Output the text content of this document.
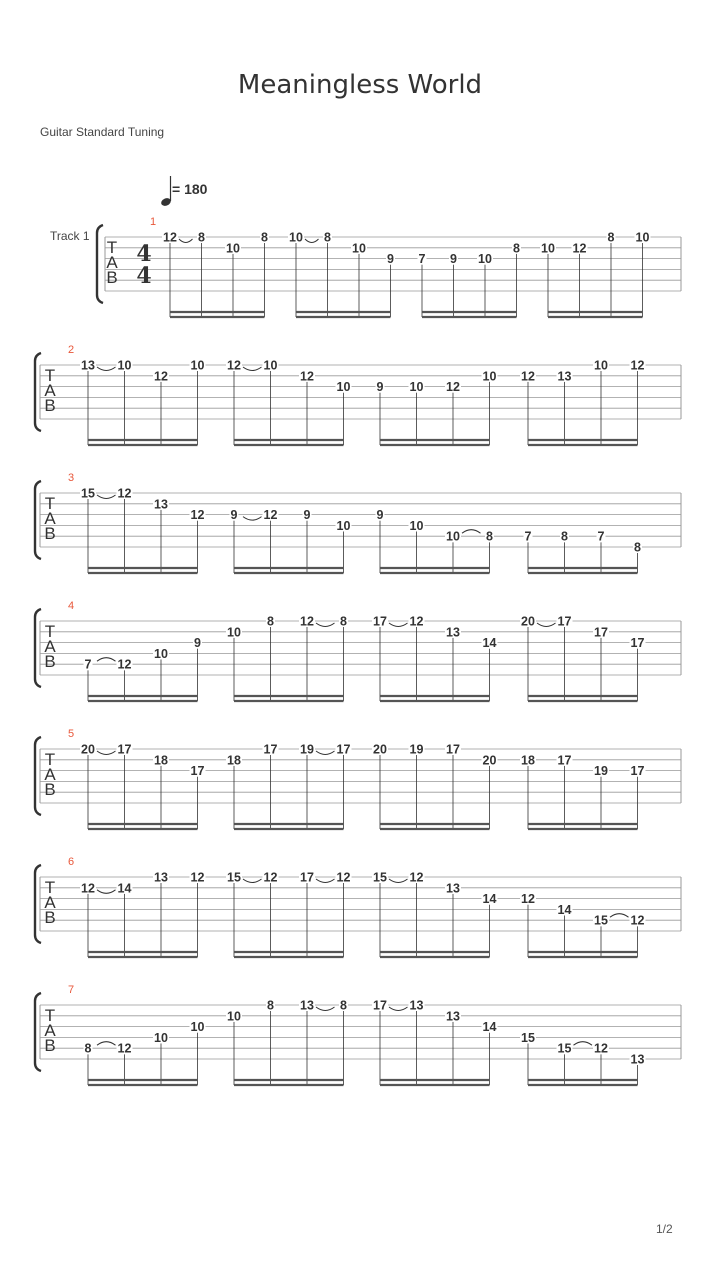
Meaningless World
Guitar Standard Tuning
= 180
Track 1
T
A
B
4
4
1
12 8
10
8 10 8
10
9 7 9 10
8 10 12
8 10
T
A
B
2
13 10
12
10 12 10
12
10 9 10 12
10 12 13
10 12
T
A
B
3
15 12
13
12 9 12 9
10
9
10
10 8	7 8 7
8
T
A
B
4
7 12
10
9
10
8 12 8 17 12
13
14
20 17
17
17
T
A
B
5
20 17
18
17
18
17 19 17 20 19 17
20 18 17
19 17
T
A
B
6
12 14
13 12 15 12 17 12 15 12
13
14 12
14
15 12
T
A
B
7
8 12
10
10
10
8 13 8 17 13
13
14
15
15 12
13
1/2
